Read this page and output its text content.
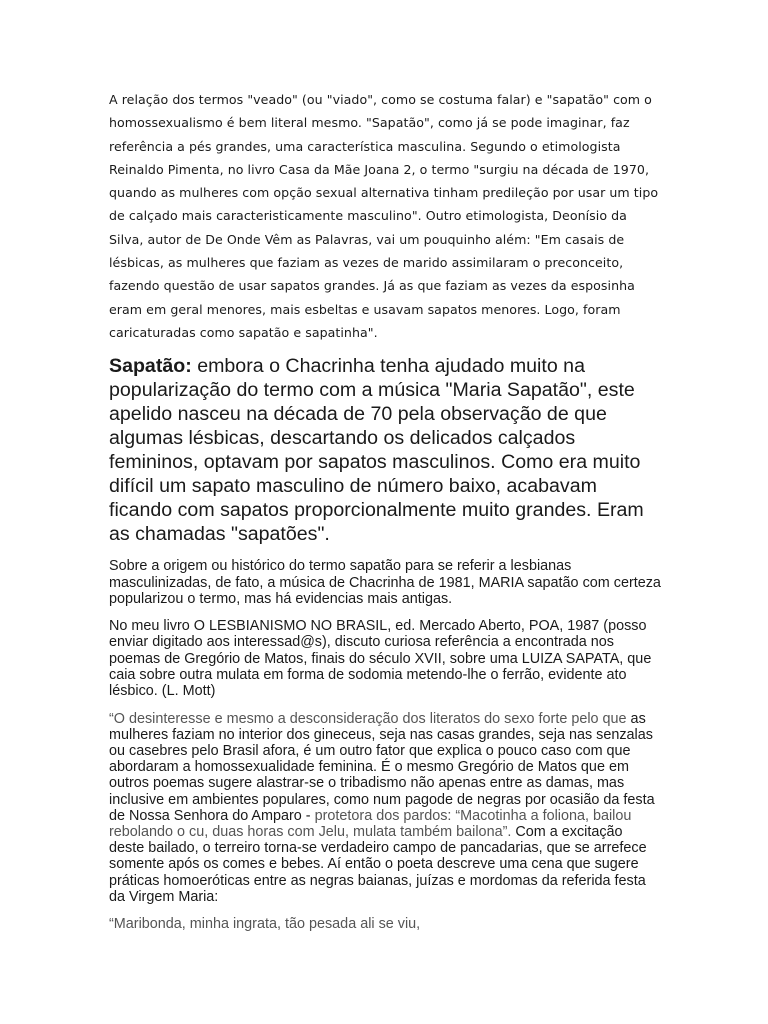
A relação dos termos "veado" (ou "viado", como se costuma falar) e "sapatão" com o homossexualismo é bem literal mesmo. "Sapatão", como já se pode imaginar, faz referência a pés grandes, uma característica masculina. Segundo o etimologista Reinaldo Pimenta, no livro Casa da Mãe Joana 2, o termo "surgiu na década de 1970, quando as mulheres com opção sexual alternativa tinham predileção por usar um tipo de calçado mais caracteristicamente masculino". Outro etimologista, Deonísio da Silva, autor de De Onde Vêm as Palavras, vai um pouquinho além: "Em casais de lésbicas, as mulheres que faziam as vezes de marido assimilaram o preconceito, fazendo questão de usar sapatos grandes. Já as que faziam as vezes da esposinha eram em geral menores, mais esbeltas e usavam sapatos menores. Logo, foram caricaturadas como sapatão e sapatinha".

Sapatão: embora o Chacrinha tenha ajudado muito na popularização do termo com a música "Maria Sapatão", este apelido nasceu na década de 70 pela observação de que algumas lésbicas, descartando os delicados calçados femininos, optavam por sapatos masculinos. Como era muito difícil um sapato masculino de número baixo, acabavam ficando com sapatos proporcionalmente muito grandes. Eram as chamadas "sapatões".

Sobre a origem ou histórico do termo sapatão para se referir a lesbianas masculinizadas, de fato, a música de Chacrinha de 1981, MARIA sapatão com certeza popularizou o termo, mas há evidencias mais antigas.

No meu livro O LESBIANISMO NO BRASIL, ed. Mercado Aberto, POA, 1987 (posso enviar digitado aos interessad@s), discuto curiosa referência a encontrada nos poemas de Gregório de Matos, finais do século XVII, sobre uma LUIZA SAPATA, que caia sobre outra mulata em forma de sodomia metendo-lhe o ferrão, evidente ato lésbico. (L. Mott)

“O desinteresse e mesmo a desconsideração dos literatos do sexo forte pelo que as mulheres faziam no interior dos gineceus, seja nas casas grandes, seja nas senzalas ou casebres pelo Brasil afora, é um outro fator que explica o pouco caso com que abordaram a homossexualidade feminina. É o mesmo Gregório de Matos que em outros poemas sugere alastrar-se o tribadismo não apenas entre as damas, mas inclusive em ambientes populares, como num pagode de negras por ocasião da festa de Nossa Senhora do Amparo - protetora dos pardos: “Macotinha a foliona, bailou rebolando o cu, duas horas com Jelu, mulata também bailona”. Com a excitação deste bailado, o terreiro torna-se verdadeiro campo de pancadarias, que se arrefece somente após os comes e bebes. Aí então o poeta descreve uma cena que sugere práticas homoeróticas entre as negras baianas, juízas e mordomas da referida festa da Virgem Maria:

“Maribonda, minha ingrata, tão pesada ali se viu,
